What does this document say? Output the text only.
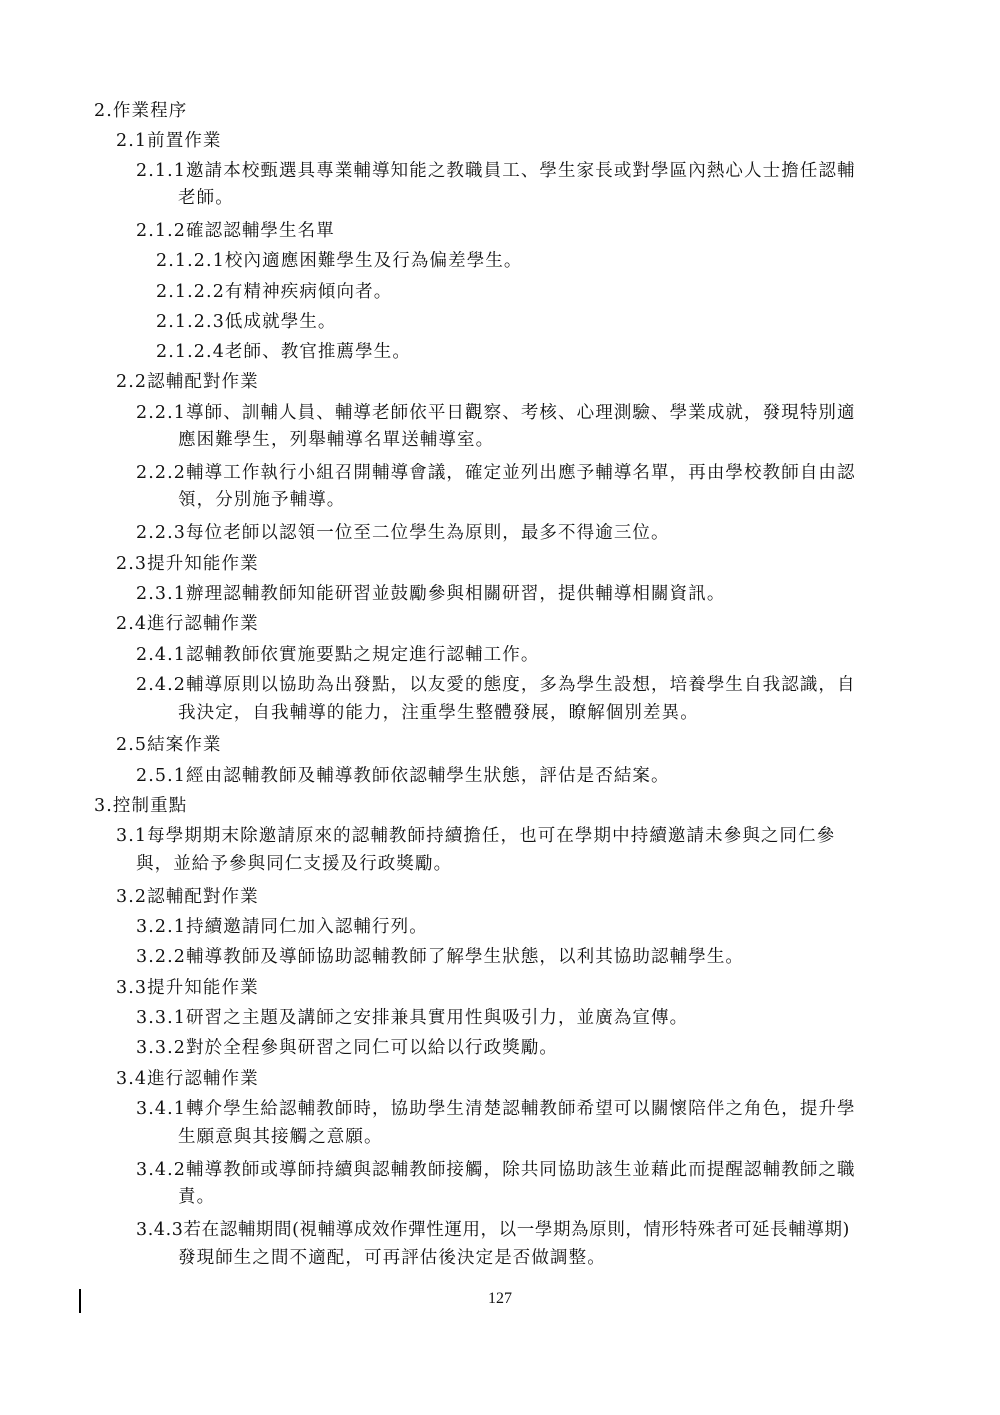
2.作業程序
2.1前置作業
2.1.1邀請本校甄選具專業輔導知能之教職員工、學生家長或對學區內熱心人士擔任認輔
老師。
2.1.2確認認輔學生名單
2.1.2.1校內適應困難學生及行為偏差學生。
2.1.2.2有精神疾病傾向者。
2.1.2.3低成就學生。
2.1.2.4老師、教官推薦學生。
2.2認輔配對作業
2.2.1導師、訓輔人員、輔導老師依平日觀察、考核、心理測驗、學業成就，發現特別適
應困難學生，列舉輔導名單送輔導室。
2.2.2輔導工作執行小組召開輔導會議，確定並列出應予輔導名單，再由學校教師自由認
領，分別施予輔導。
2.2.3每位老師以認領一位至二位學生為原則，最多不得逾三位。
2.3提升知能作業
2.3.1辦理認輔教師知能研習並鼓勵參與相關研習，提供輔導相關資訊。
2.4進行認輔作業
2.4.1認輔教師依實施要點之規定進行認輔工作。
2.4.2輔導原則以協助為出發點，以友愛的態度，多為學生設想，培養學生自我認識，自
我決定，自我輔導的能力，注重學生整體發展，瞭解個別差異。
2.5結案作業
2.5.1經由認輔教師及輔導教師依認輔學生狀態，評估是否結案。
3.控制重點
3.1每學期期末除邀請原來的認輔教師持續擔任，也可在學期中持續邀請未參與之同仁參
與，並給予參與同仁支援及行政獎勵。
3.2認輔配對作業
3.2.1持續邀請同仁加入認輔行列。
3.2.2輔導教師及導師協助認輔教師了解學生狀態，以利其協助認輔學生。
3.3提升知能作業
3.3.1研習之主題及講師之安排兼具實用性與吸引力，並廣為宣傳。
3.3.2對於全程參與研習之同仁可以給以行政獎勵。
3.4進行認輔作業
3.4.1轉介學生給認輔教師時，協助學生清楚認輔教師希望可以關懷陪伴之角色，提升學
生願意與其接觸之意願。
3.4.2輔導教師或導師持續與認輔教師接觸，除共同協助該生並藉此而提醒認輔教師之職
責。
3.4.3若在認輔期間(視輔導成效作彈性運用，以一學期為原則，情形特殊者可延長輔導期)
發現師生之間不適配，可再評估後決定是否做調整。
127
